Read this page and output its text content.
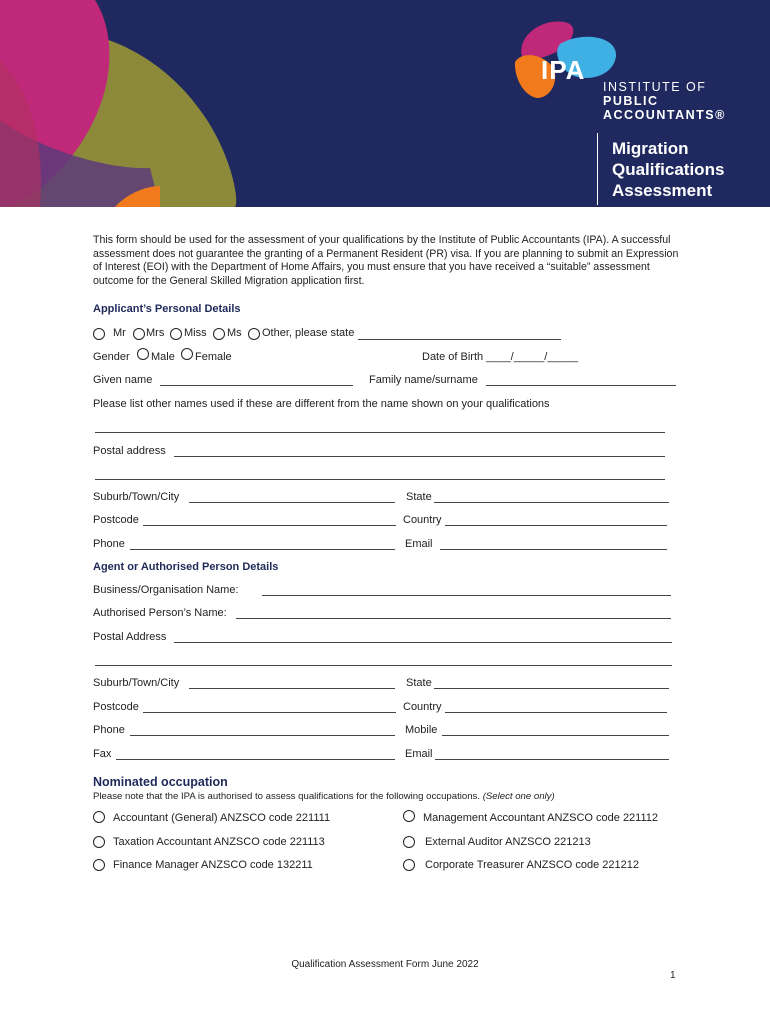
IPA
INSTITUTE OF
PUBLIC
ACCOUNTANTS®
Migration
Qualifications
Assessment
This form should be used for the assessment of your qualifications by the Institute of Public Accountants (IPA). A successful assessment does not guarantee the granting of a Permanent Resident (PR) visa. If you are planning to submit an Expression of Interest (EOI) with the Department of Home Affairs, you must ensure that you have received a “suitable” assessment outcome for the General Skilled Migration application first.
Applicant’s Personal Details
Mr Mrs Miss Ms Other, please state
Gender Male Female	Date of Birth ____/_____/_____
Given name	Family name/surname
Please list other names used if these are different from the name shown on your qualifications
Postal address
Suburb/Town/City	State
Postcode	Country
Phone	Email
Agent or Authorised Person Details
Business/Organisation Name:
Authorised Person’s Name:
Postal Address
Suburb/Town/City	State
Postcode	Country
Phone	Mobile
Fax	Email
Nominated occupation
Please note that the IPA is authorised to assess qualifications for the following occupations. (Select one only)
Accountant (General) ANZSCO code 221111	Management Accountant ANZSCO code 221112
Taxation Accountant ANZSCO code 221113	External Auditor ANZSCO 221213
Finance Manager ANZSCO code 132211	Corporate Treasurer ANZSCO code 221212
Qualification Assessment Form June 2022
1
